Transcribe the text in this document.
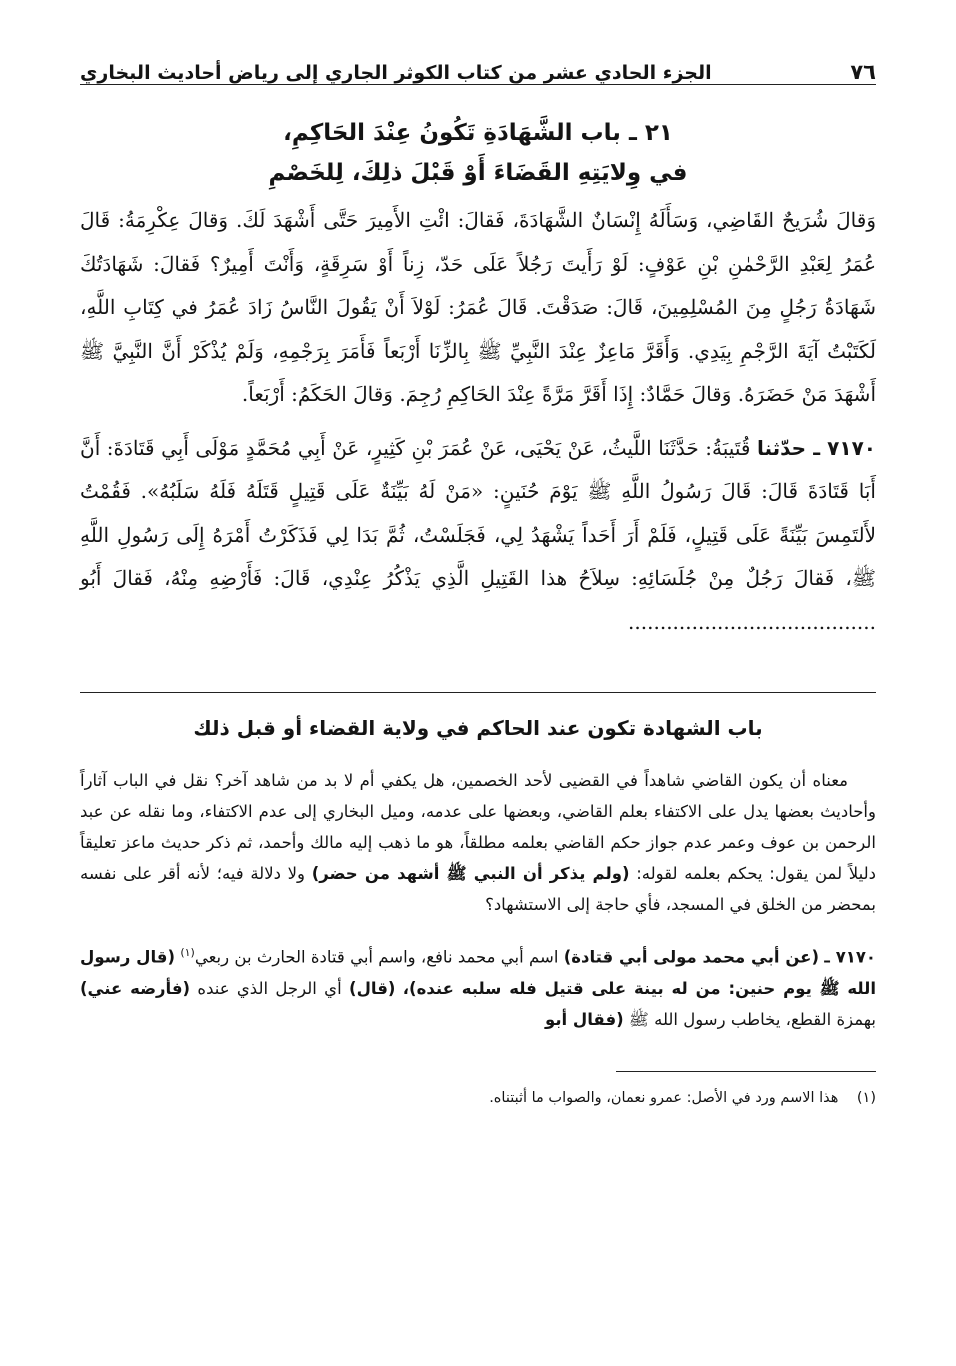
٧٦
الجزء الحادي عشر من كتاب الكوثر الجاري إلى رياض أحاديث البخاري
٢١ ـ باب الشَّهَادَةِ تَكُونُ عِنْدَ الحَاكِمِ،
في وِلايَتِهِ القَضَاءَ أَوْ قَبْلَ ذلِكَ، لِلخَصْمِ

وَقالَ شُرَيحٌ القَاضِي، وَسَأَلَهُ إِنْسَانٌ الشَّهَادَةَ، فَقالَ: ائْتِ الأَمِيرَ حَتَّى أَشْهَدَ لَكَ. وَقالَ عِكْرِمَةُ: قَالَ عُمَرُ لِعَبْدِ الرَّحْمٰنِ بْنِ عَوْفٍ: لَوْ رَأَيتَ رَجُلاً عَلَى حَدّ، زِناً أَوْ سَرِقَةٍ، وَأَنْتَ أَمِيرٌ؟ فَقالَ: شَهَادَتُكَ شَهَادَةُ رَجُلٍ مِنَ المُسْلِمِينَ، قَالَ: صَدَقْتَ. قَالَ عُمَرُ: لَوْلاَ أَنْ يَقُولَ النَّاسُ زَادَ عُمَرُ في كِتَابِ اللَّهِ، لَكَتَبْتُ آيَةَ الرَّجْمِ بِيَدِي. وَأَقَرَّ مَاعِزٌ عِنْدَ النَّبِيِّ ﷺ بِالزِّنَا أَرْبَعاً فَأَمَرَ بِرَجْمِهِ، وَلَمْ يُذْكَرْ أَنَّ النَّبِيَّ ﷺ أَشْهَدَ مَنْ حَضَرَهُ. وَقالَ حَمَّادٌ: إِذَا أَقَرَّ مَرَّةً عِنْدَ الحَاكِمِ رُجِمَ. وَقالَ الحَكَمُ: أَرْبَعاً.

٧١٧٠ ـ حدّثنا قُتَيبَةُ: حَدَّثَنَا اللَّيثُ، عَنْ يَحْيَى، عَنْ عُمَرَ بْنِ كَثِيرٍ، عَنْ أَبِي مُحَمَّدٍ مَوْلَى أَبِي قَتَادَةَ: أَنَّ أَبَا قَتَادَةَ قَالَ: قَالَ رَسُولُ اللَّهِ ﷺ يَوْمَ حُنَينٍ: «مَنْ لَهُ بَيِّنَةٌ عَلَى قَتِيلٍ قَتَلَهُ فَلَهُ سَلَبُهُ». فَقُمْتُ لأَلتَمِسَ بَيِّنَةً عَلَى قَتِيلٍ، فَلَمْ أَرَ أَحَداً يَشْهَدُ لِي، فَجَلَسْتُ، ثُمَّ بَدَا لِي فَذَكَرْتُ أَمْرَهُ إِلَى رَسُولِ اللَّهِ ﷺ، فَقالَ رَجُلٌ مِنْ جُلَسَائِهِ: سِلاَحُ هذا القَتِيلِ الَّذِي يَذْكُرُ عِنْدِي، قَالَ: فَأَرْضِهِ مِنْهُ، فَقالَ أَبُو .......................................

باب الشهادة تكون عند الحاكم في ولاية القضاء أو قبل ذلك

معناه أن يكون القاضي شاهداً في القضيى لأحد الخصمين، هل يكفي أم لا بد من شاهد آخر؟ نقل في الباب آثاراً وأحاديث بعضها يدل على الاكتفاء بعلم القاضي، وبعضها على عدمه، وميل البخاري إلى عدم الاكتفاء، وما نقله عن عبد الرحمن بن عوف وعمر عدم جواز حكم القاضي بعلمه مطلقاً، هو ما ذهب إليه مالك وأحمد، ثم ذكر حديث ماعز تعليقاً دليلاً لمن يقول: يحكم بعلمه لقوله: (ولم يذكر أن النبي ﷺ أشهد من حضر) ولا دلالة فيه؛ لأنه أقر على نفسه بمحضر من الخلق في المسجد، فأي حاجة إلى الاستشهاد؟

٧١٧٠ ـ (عن أبي محمد مولى أبي قتادة) اسم أبي محمد نافع، واسم أبي قتادة الحارث بن ربعي$^{(١)}$ (قال رسول الله ﷺ يوم حنين: من له بينة على قتيل فله سلبه عنده)، (قال) أي الرجل الذي عنده (فأرضه عني) بهمزة القطع، يخاطب رسول الله ﷺ (فقال أبو

(١)    هذا الاسم ورد في الأصل: عمرو نعمان، والصواب ما أثبتناه.
